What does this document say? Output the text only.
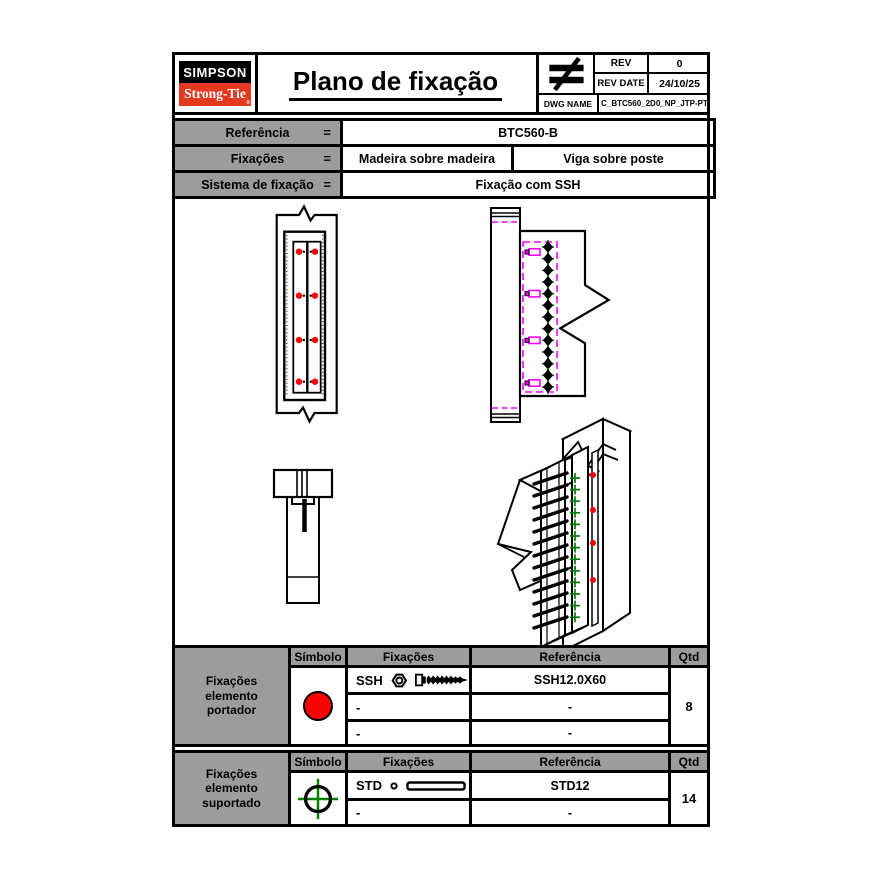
SIMPSON
Strong-Tie
®
Plano de fixação
REV	0
REV DATE	24/10/25
DWG NAME	C_BTC560_2D0_NP_JTP-PT
Referência	=	BTC560-B
Fixações	=	Madeira sobre madeira	Viga sobre poste
Sistema de fixação =	Fixação com SSH
Fixações elemento portador
Símbolo	Fixações	Referência	Qtd
SSH	SSH12.0X60
-	-
-	-
8
Fixações elemento suportado
Símbolo	Fixações	Referência	Qtd
STD	STD12
-	-
14
